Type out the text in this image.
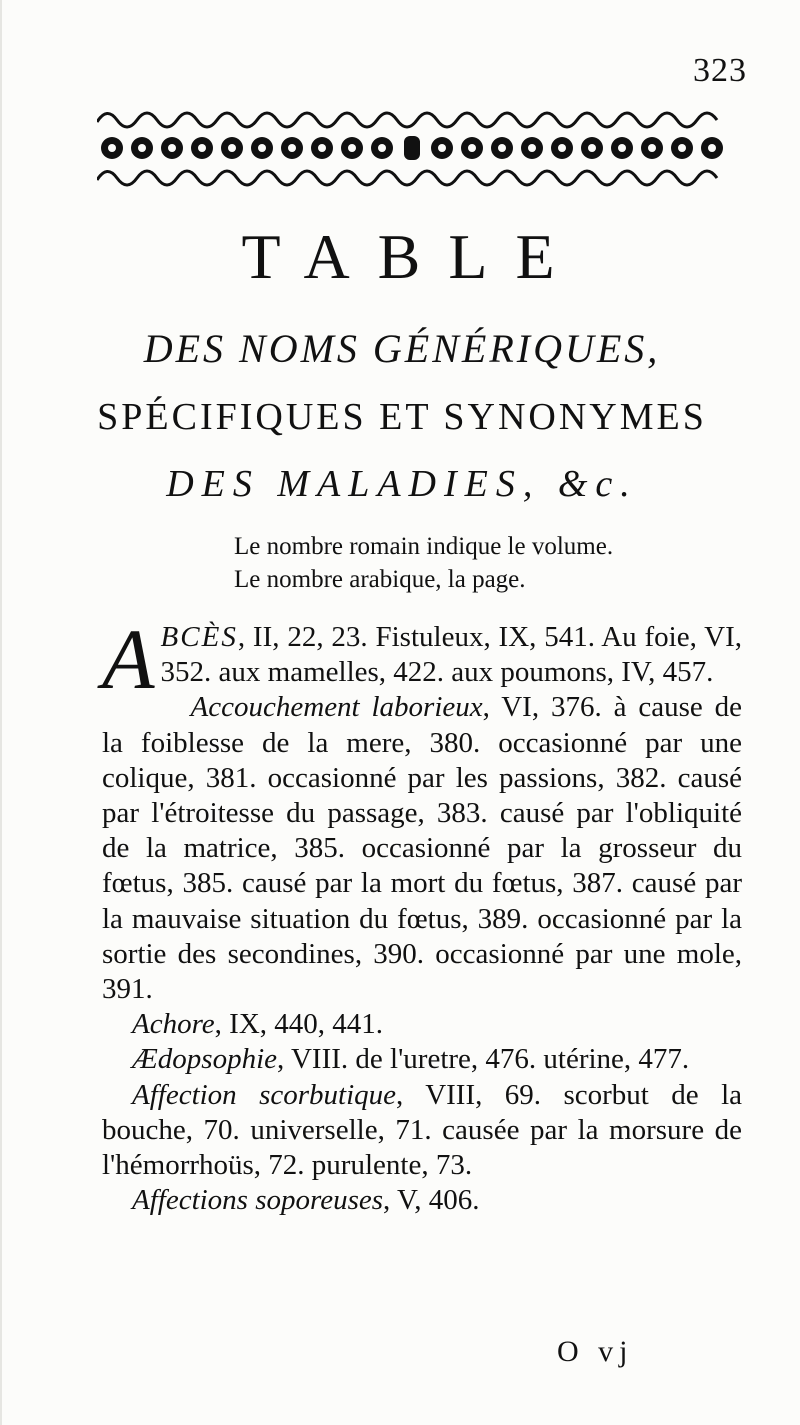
323
TABLE
DES NOMS GÉNÉRIQUES,
SPÉCIFIQUES ET SYNONYMES
DES MALADIES, &c.
Le nombre romain indique le volume.
Le nombre arabique, la page.

ABCÈS, II, 22, 23. Fistuleux, IX, 541. Au foie, VI, 352. aux mamelles, 422. aux poumons, IV, 457.

Accouchement laborieux, VI, 376. à cause de la foiblesse de la mere, 380. occasionné par une colique, 381. occasionné par les passions, 382. causé par l'étroitesse du passage, 383. causé par l'obliquité de la matrice, 385. occasionné par la grosseur du fœtus, 385. causé par la mort du fœtus, 387. causé par la mauvaise situation du fœtus, 389. occasionné par la sortie des secondines, 390. occasionné par une mole, 391.

Achore, IX, 440, 441.

Ædopsophie, VIII. de l'uretre, 476. utérine, 477.

Affection scorbutique, VIII, 69. scorbut de la bouche, 70. universelle, 71. causée par la morsure de l'hémorrhoüs, 72. purulente, 73.

Affections soporeuses, V, 406.

O vj
